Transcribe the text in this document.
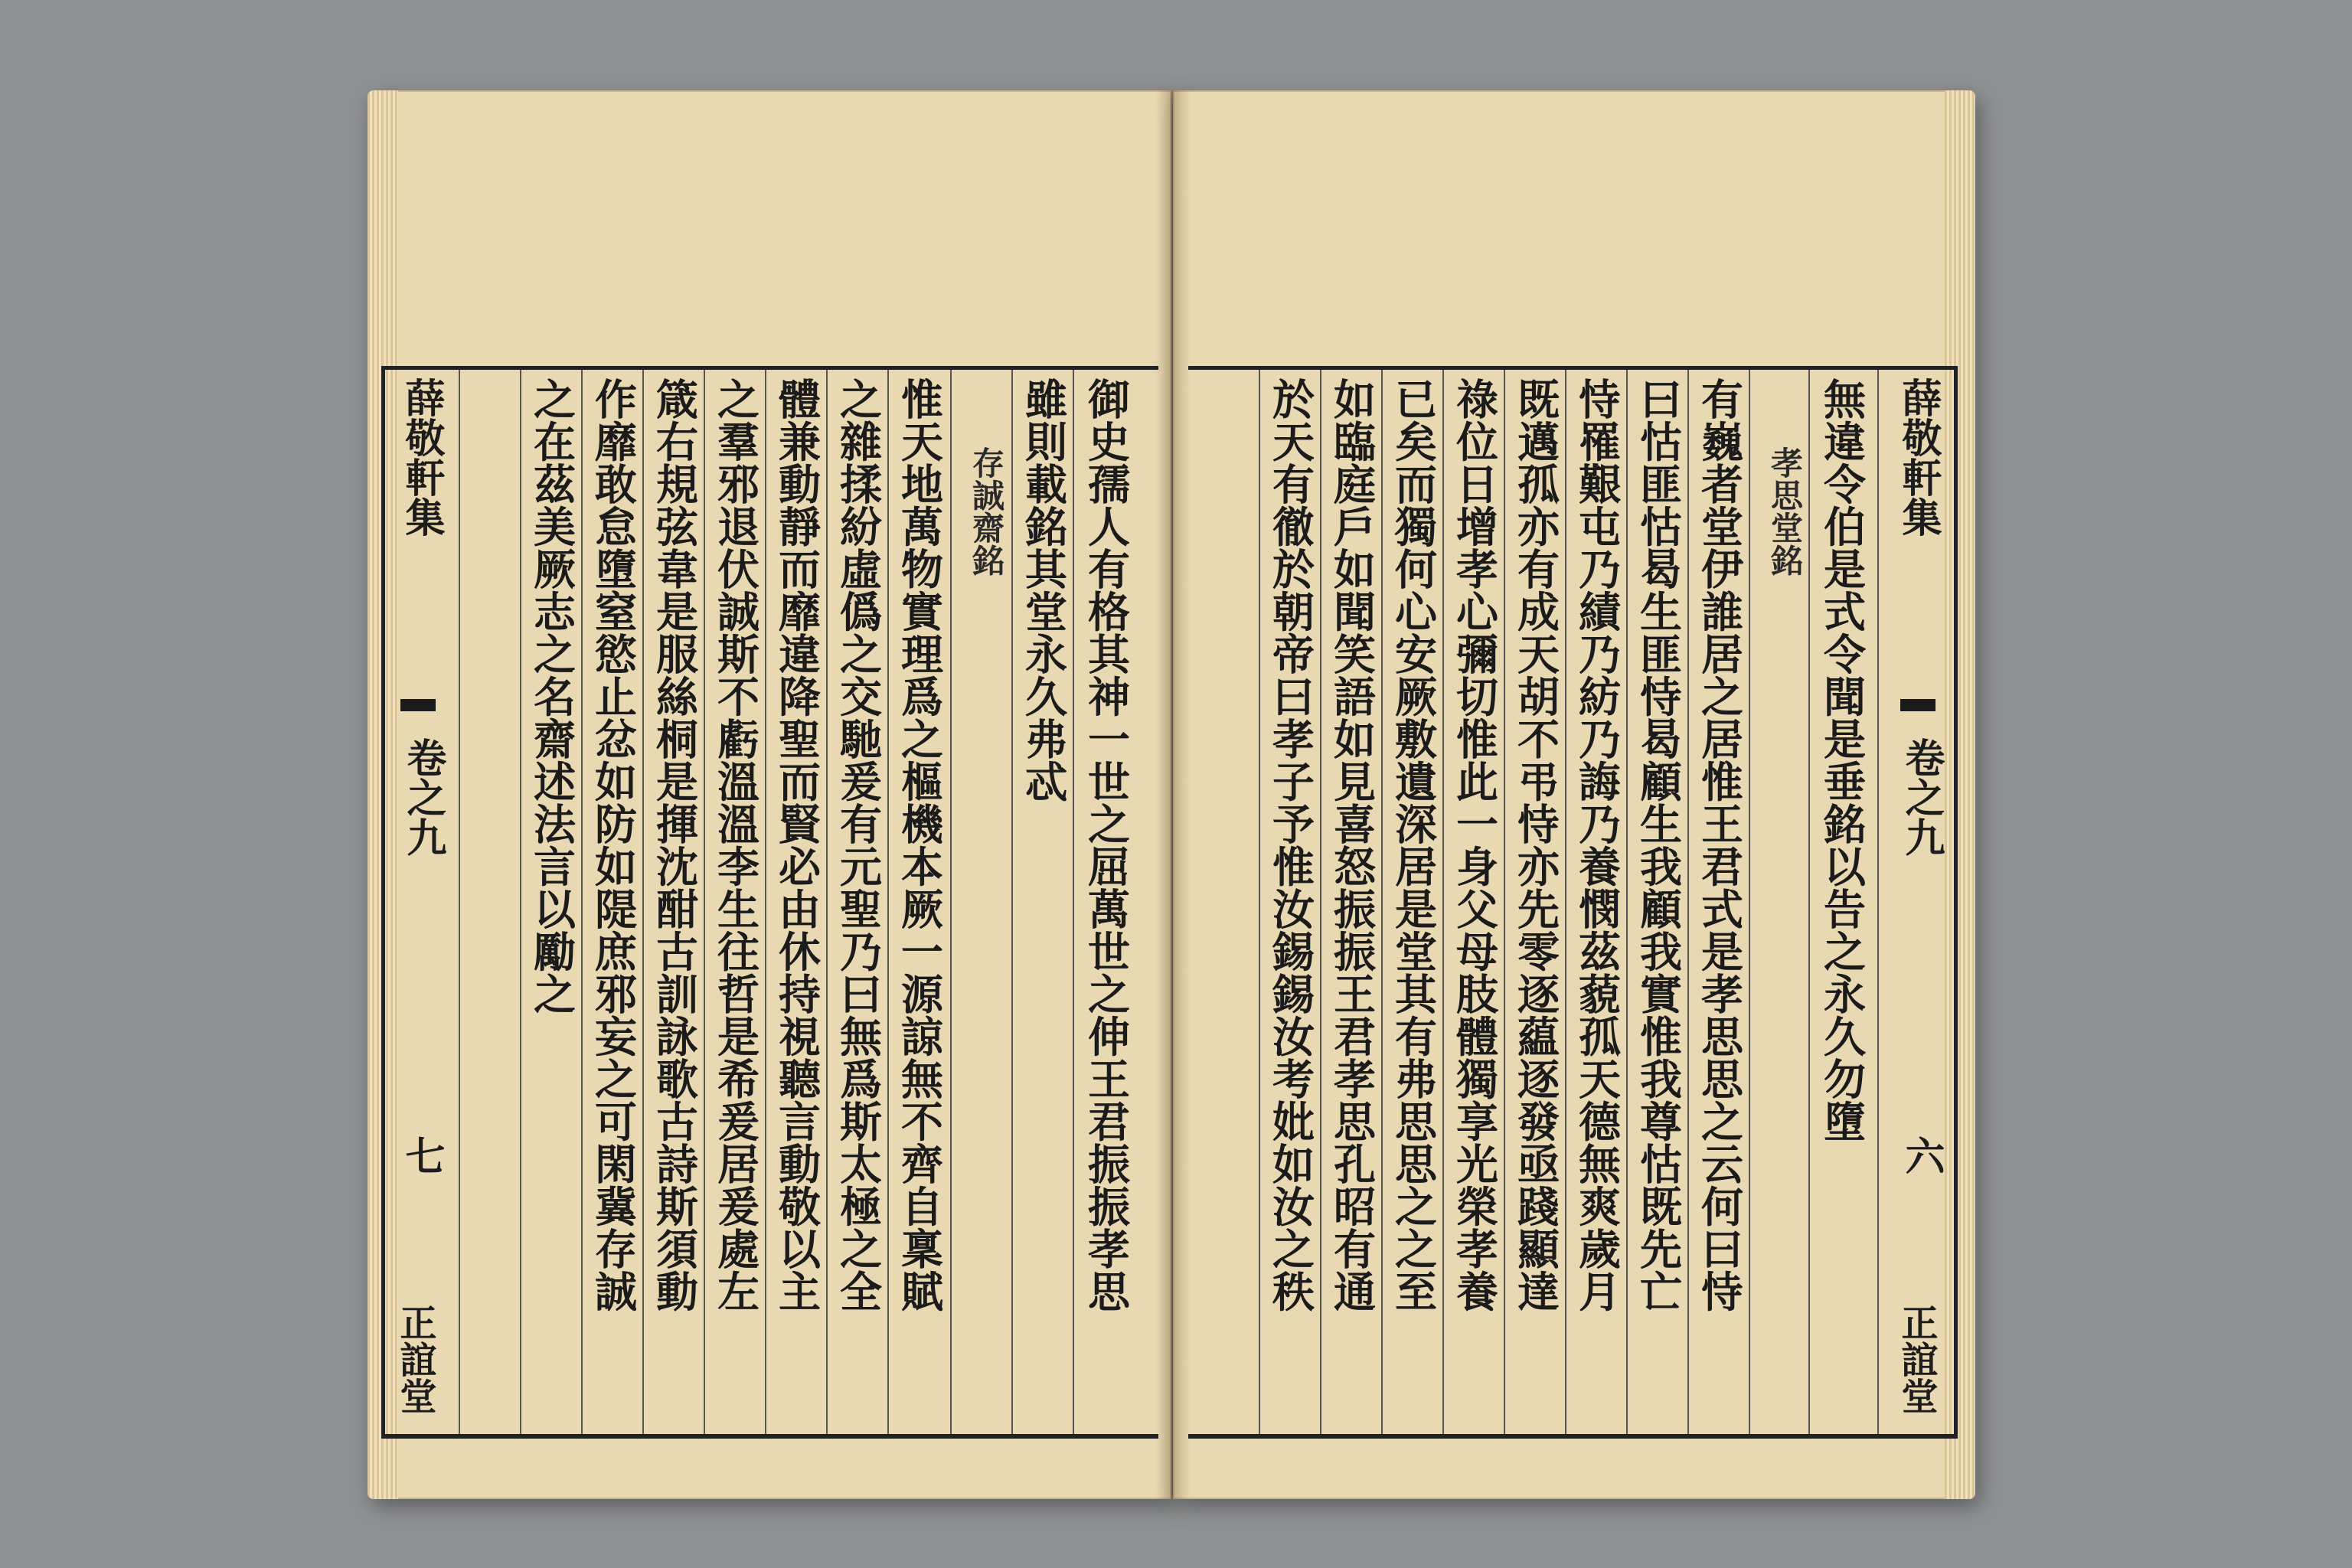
薛敬軒集
卷之九
七
正誼堂
御史孺人有格其神一世之屈萬世之伸王君振振孝思
雖則載銘其堂永久弗忒
存誠齋銘
惟天地萬物實理爲之樞機本厥一源諒無不齊自稟賦
之雜揉紛虛僞之交馳爰有元聖乃曰無爲斯太極之全
體兼動靜而靡違降聖而賢必由休持視聽言動敬以主
之羣邪退伏誠斯不虧溫溫李生往哲是希爰居爰處左
箴右規弦韋是服絲桐是揮沈酣古訓詠歌古詩斯須動
作靡敢怠墮窒慾止忿如防如隄庶邪妄之可閑冀存誠
之在茲美厥志之名齋述法言以勵之	薛敬軒集
卷之九
六
正誼堂
無違令伯是式令聞是垂銘以告之永久勿墮
孝思堂銘
有巍者堂伊誰居之居惟王君式是孝思思之云何曰恃
曰怙匪怙曷生匪恃曷顧生我顧我實惟我尊怙既先亡
恃罹艱屯乃績乃紡乃誨乃養憫茲藐孤天德無爽歲月
既邁孤亦有成天胡不弔恃亦先零逐藴逐發亟踐顯達
祿位日增孝心彌切惟此一身父母肢體獨享光榮孝養
已矣而獨何心安厥敷遺深居是堂其有弗思思之之至
如臨庭戶如聞笑語如見喜怒振振王君孝思孔昭有通
於天有徹於朝帝曰孝子予惟汝錫錫汝考妣如汝之秩
